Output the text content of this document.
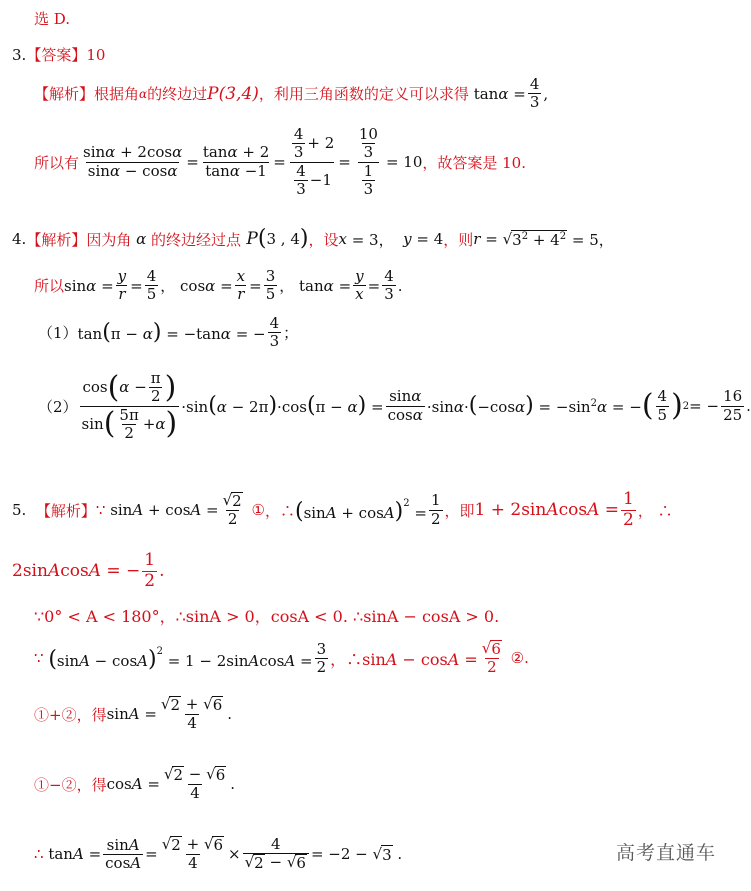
选 D.
3. 【答案】 10
【解析】 根据角 α 的终边过 P(3,4) ，利用三角函数的定义可以求得 $\tan\alpha = \frac{4}{3}$ ,
所以有 $\frac{\sin\alpha + 2\cos\alpha}{\sin\alpha - \cos\alpha} = \frac{\tan\alpha + 2}{\tan\alpha -1} = \frac{\frac{4}{3} + 2}{\frac{4}{3} -1} = \frac{\frac{10}{3}}{\frac{1}{3}} = 10$ ，故答案是 10.
4. 【解析】 因为角 α 的终边经过点 P ( 3 , 4 ) ，设 x = 3， y = 4 ，则 r = √ $3^2 + 4^2 = 5$，
所以 $\sin\alpha = \frac{y}{r} = \frac{4}{5}$ ， $\cos\alpha = \frac{x}{r} = \frac{3}{5}$ ， $\tan\alpha = \frac{y}{x} = \frac{4}{3}$ .
（1） tan(π − α) = −tanα = − $\frac{4}{3}$ ；
$(2) \frac{\cos ( \alpha - \frac{\pi}{2} )}{\sin ( \frac{5\pi}{2} + \alpha )} \cdot\sin(\alpha - 2\pi)\cdot\cos(\pi - \alpha) = \frac{\sin\alpha}{\cos\alpha} \cdot\sin\alpha\cdot(-\cos\alpha) = -\sin^2\alpha$ = − ( $\frac{4}{5}$ ) 2 = − $\frac{16}{25}$ .
5.
【解析】 ∵ $\sin A + \cos A = \frac{√ 2}{2}$
① ，∴ $(\sin A + \cos A)^2 = \frac{1}{2}$ ，即 1 + 2sinAcosA = $\frac{1}{2}$ ， ∴
2sinAcosA = − $\frac{1}{2}$ .
∵0° < A < 180°，∴sinA > 0，cosA < 0. ∴sinA − cosA > 0.
∵ $(\sin A - \cos A)^2 = 1$ − 2sinAcosA = $\frac{3}{2}$ ，∴sinA − $\cos A = \frac{√ 6}{2}$
② .
①+②，得 $\sin A = \frac{√ 2 + √ 6}{4}$ .
①−②，得 $\cos A = \frac{√ 2 - √ 6}{4}$ .
∴ $\tan A = \frac{\sin A}{\cos A} = \frac{√ 2 + √ 6}{4} \times \frac{4}{√ 2 - √ 6} = -2$ − √ 3 .	高考直通车
